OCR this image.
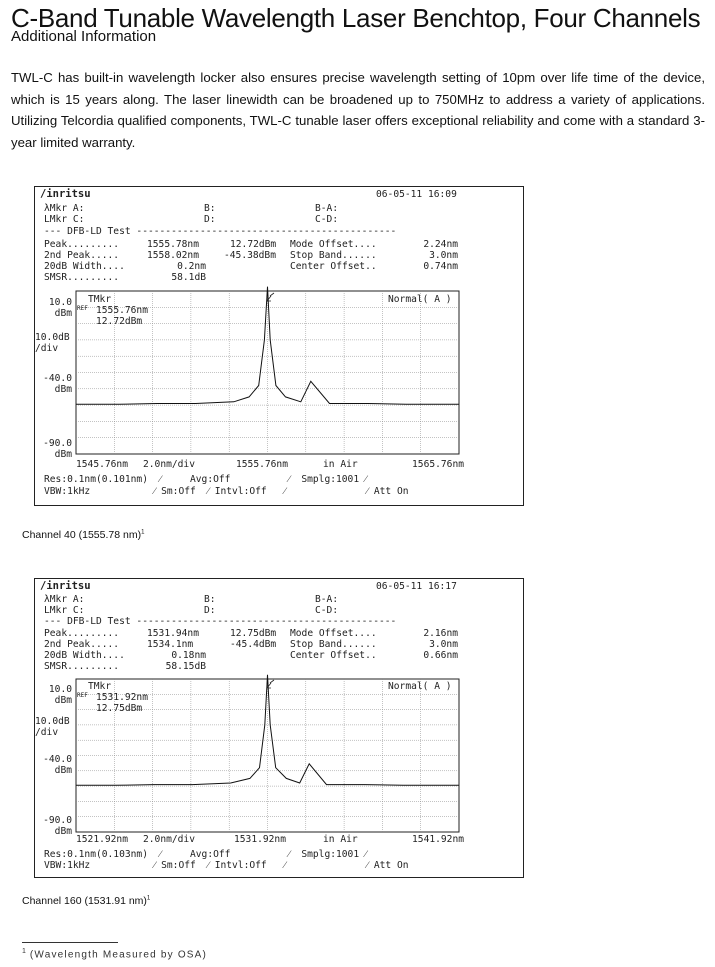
C-Band Tunable Wavelength Laser Benchtop, Four Channels
Additional Information
TWL-C has built-in wavelength locker also ensures precise wavelength setting of 10pm over life time of the device, which is 15 years along. The laser linewidth can be broadened up to 750MHz to address a variety of applications. Utilizing Telcordia qualified components, TWL-C tunable laser offers exceptional reliability and come with a standard 3-year limited warranty.
/inritsu	06-05-11 16:09
λMkr A:	B:	B-A:
LMkr C:	D:	C-D:
--- DFB-LD Test ---------------------------------------------
Peak.........	1555.78nm	12.72dBm Mode Offset....	2.24nm
2nd Peak.....	1558.02nm	-45.38dBm Stop Band......	3.0nm
20dB Width....	0.2nm	Center Offset..	0.74nm
SMSR.........	58.1dB
10.0
dBm REF
10.0dB
/div
-40.0
dBm
-90.0
dBm
TMkr
1555.76nm
12.72dBm
Normal( A )
1545.76nm 2.0nm/div	1555.76nm	in Air	1565.76nm
Res:0.1nm(0.101nm)  ⁄     Avg:Off          ⁄  Smplg:1001 ⁄
VBW:1kHz           ⁄ Sm:Off  ⁄ Intvl:Off   ⁄              ⁄ Att On
Channel 40 (1555.78 nm)$^1$
/inritsu	06-05-11 16:17
λMkr A:	B:	B-A:
LMkr C:	D:	C-D:
--- DFB-LD Test ---------------------------------------------
Peak.........	1531.94nm	12.75dBm Mode Offset....	2.16nm
2nd Peak.....	1534.1nm	-45.4dBm Stop Band......	3.0nm
20dB Width....	0.18nm	Center Offset..	0.66nm
SMSR.........	58.15dB
10.0
dBm REF
10.0dB
/div
-40.0
dBm
-90.0
dBm
TMkr
1531.92nm
12.75dBm
Normal( A )
1521.92nm 2.0nm/div	1531.92nm	in Air	1541.92nm
Res:0.1nm(0.103nm)  ⁄     Avg:Off          ⁄  Smplg:1001 ⁄
VBW:1kHz           ⁄ Sm:Off  ⁄ Intvl:Off   ⁄              ⁄ Att On
Channel 160 (1531.91 nm)$^1$
$^1$ (Wavelength Measured by OSA)
